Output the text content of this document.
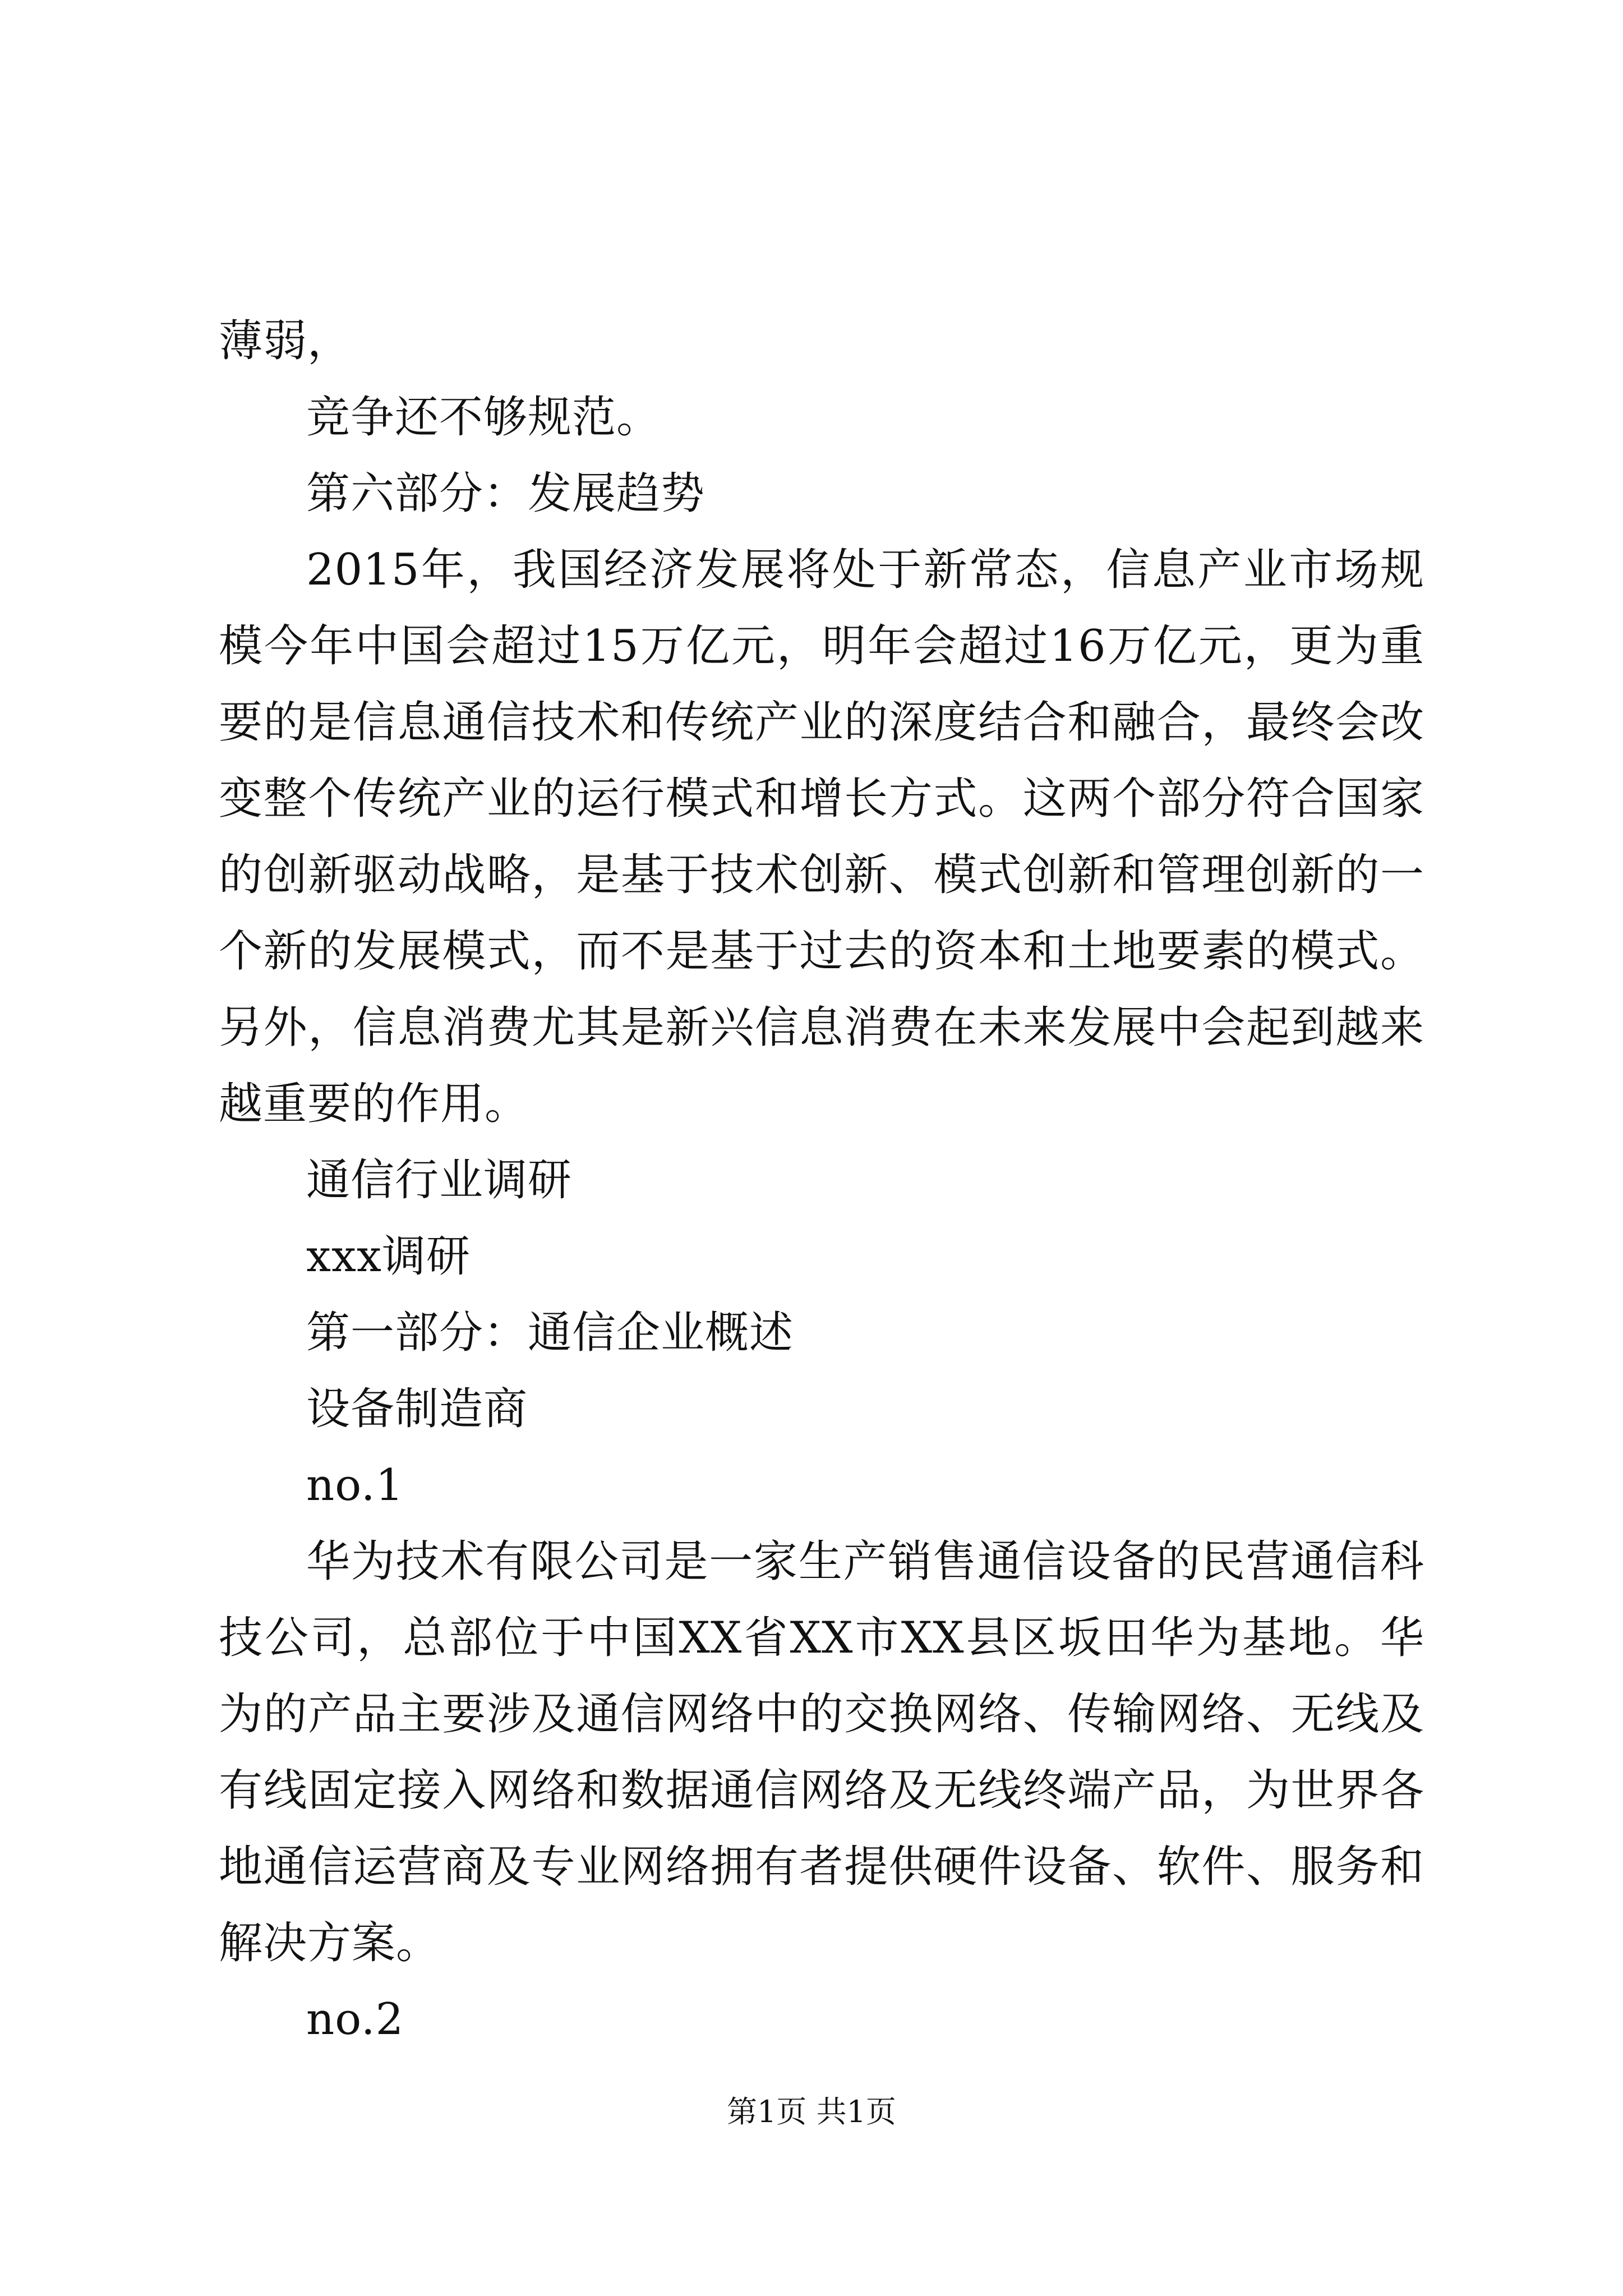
薄弱，

竞争还不够规范。

第六部分：发展趋势

2015年，我国经济发展将处于新常态，信息产业市场规模今年中国会超过15万亿元，明年会超过16万亿元，更为重要的是信息通信技术和传统产业的深度结合和融合，最终会改变整个传统产业的运行模式和增长方式。这两个部分符合国家的创新驱动战略，是基于技术创新、模式创新和管理创新的一个新的发展模式，而不是基于过去的资本和土地要素的模式。另外，信息消费尤其是新兴信息消费在未来发展中会起到越来越重要的作用。

通信行业调研

xxx调研

第一部分：通信企业概述

设备制造商

no.1

华为技术有限公司是一家生产销售通信设备的民营通信科技公司，总部位于中国XX省XX市XX县区坂田华为基地。华为的产品主要涉及通信网络中的交换网络、传输网络、无线及有线固定接入网络和数据通信网络及无线终端产品，为世界各地通信运营商及专业网络拥有者提供硬件设备、软件、服务和解决方案。

no.2

第1页 共1页
